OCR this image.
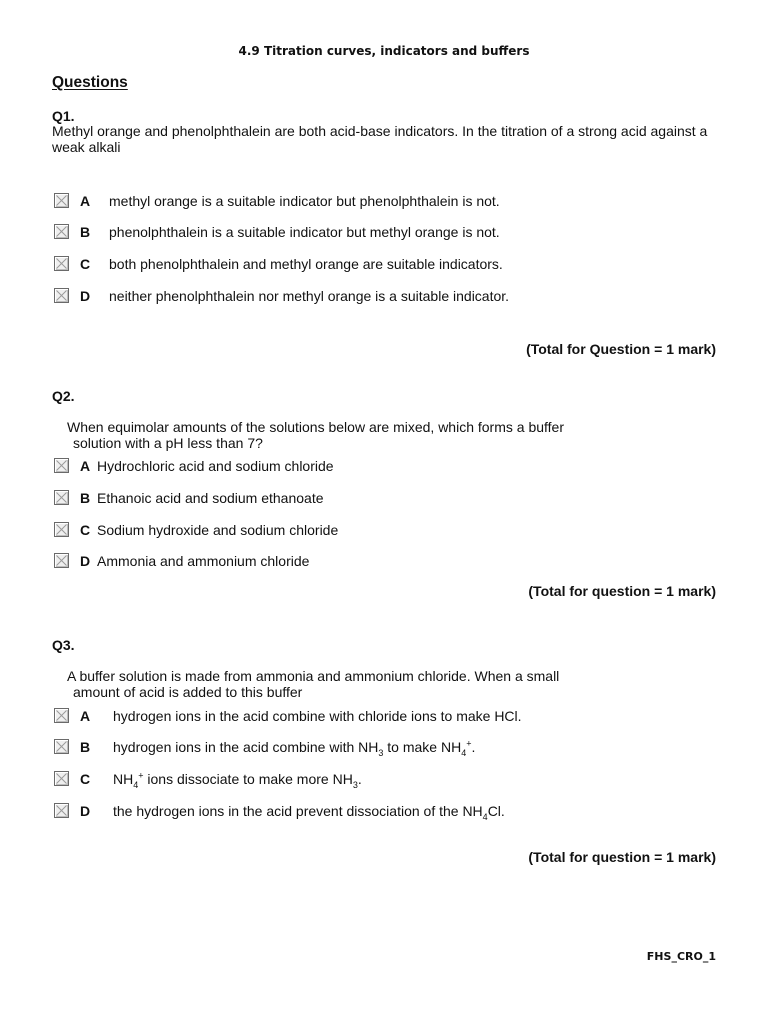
4.9 Titration curves, indicators and buffers
Questions
Q1.
Methyl orange and phenolphthalein are both acid-base indicators. In the titration of a strong acid against a
weak alkali
A methyl orange is a suitable indicator but phenolphthalein is not.
B phenolphthalein is a suitable indicator but methyl orange is not.
C both phenolphthalein and methyl orange are suitable indicators.
D neither phenolphthalein nor methyl orange is a suitable indicator.
(Total for Question = 1 mark)
Q2.
When equimolar amounts of the solutions below are mixed, which forms a buffer
solution with a pH less than 7?
A Hydrochloric acid and sodium chloride
B Ethanoic acid and sodium ethanoate
C Sodium hydroxide and sodium chloride
D Ammonia and ammonium chloride
(Total for question = 1 mark)
Q3.
A buffer solution is made from ammonia and ammonium chloride. When a small
amount of acid is added to this buffer
A hydrogen ions in the acid combine with chloride ions to make HCl.
B hydrogen ions in the acid combine with $NH_3$ to make $NH_4^+$.
C $NH_4^+$ ions dissociate to make more $NH_3$.
D the hydrogen ions in the acid prevent dissociation of the $NH_4Cl$.
(Total for question = 1 mark)
FHS_CRO_1
